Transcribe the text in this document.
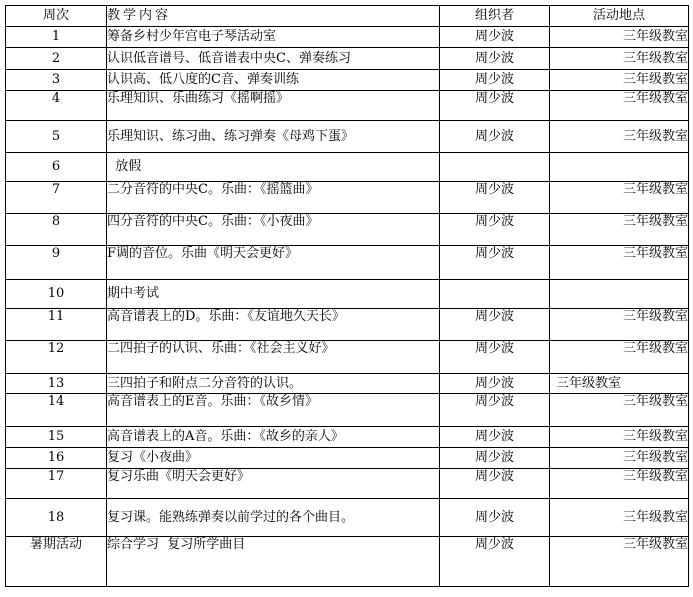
周次	教学内容	组织者	活动地点
1	筹备乡村少年宫电子琴活动室	周少波	三年级教室
2	认识低音谱号、低音谱表中央C、弹奏练习	周少波	三年级教室
3	认识高、低八度的C音、弹奏训练	周少波	三年级教室
4	乐理知识、乐曲练习《摇啊摇》	周少波	三年级教室
5	乐理知识、练习曲、练习弹奏《母鸡下蛋》	周少波	三年级教室
6	放假		
7	二分音符的中央C。乐曲：《摇篮曲》	周少波	三年级教室
8	四分音符的中央C。乐曲：《小夜曲》	周少波	三年级教室
9	F调的音位。乐曲《明天会更好》	周少波	三年级教室
10	期中考试		
11	高音谱表上的D。乐曲：《友谊地久天长》	周少波	三年级教室
12	二四拍子的认识、乐曲：《社会主义好》	周少波	三年级教室
13	三四拍子和附点二分音符的认识。	周少波	三年级教室
14	高音谱表上的E音。乐曲：《故乡情》	周少波	三年级教室
15	高音谱表上的A音。乐曲：《故乡的亲人》	周少波	三年级教室
16	复习《小夜曲》	周少波	三年级教室
17	复习乐曲《明天会更好》	周少波	三年级教室
18	复习课。能熟练弹奏以前学过的各个曲目。	周少波	三年级教室
暑期活动	综合学习  复习所学曲目	周少波	三年级教室
